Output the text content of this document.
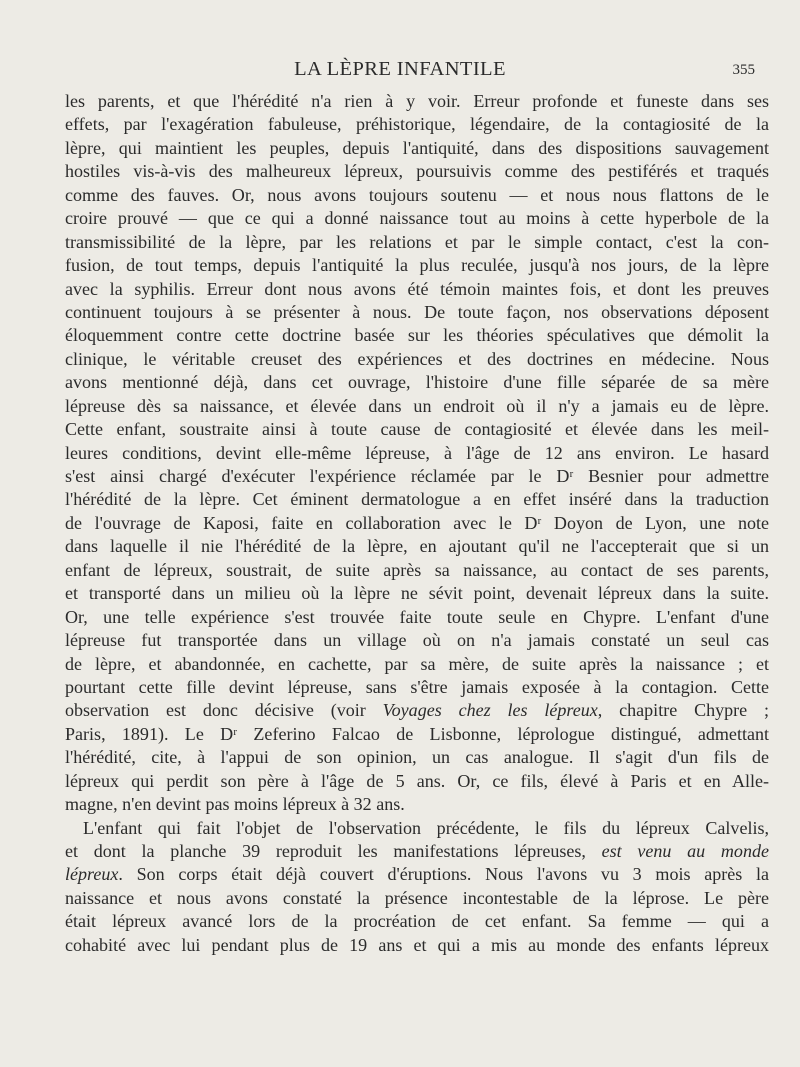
LA LÈPRE INFANTILE	355
les parents, et que l'hérédité n'a rien à y voir. Erreur profonde et funeste dans ses
effets, par l'exagération fabuleuse, préhistorique, légendaire, de la contagiosité de la
lèpre, qui maintient les peuples, depuis l'antiquité, dans des dispositions sauvagement
hostiles vis-à-vis des malheureux lépreux, poursuivis comme des pestiférés et traqués
comme des fauves. Or, nous avons toujours soutenu — et nous nous flattons de le
croire prouvé — que ce qui a donné naissance tout au moins à cette hyperbole de la
transmissibilité de la lèpre, par les relations et par le simple contact, c'est la con-
fusion, de tout temps, depuis l'antiquité la plus reculée, jusqu'à nos jours, de la lèpre
avec la syphilis. Erreur dont nous avons été témoin maintes fois, et dont les preuves
continuent toujours à se présenter à nous. De toute façon, nos observations déposent
éloquemment contre cette doctrine basée sur les théories spéculatives que démolit la
clinique, le véritable creuset des expériences et des doctrines en médecine. Nous
avons mentionné déjà, dans cet ouvrage, l'histoire d'une fille séparée de sa mère
lépreuse dès sa naissance, et élevée dans un endroit où il n'y a jamais eu de lèpre.
Cette enfant, soustraite ainsi à toute cause de contagiosité et élevée dans les meil-
leures conditions, devint elle-même lépreuse, à l'âge de 12 ans environ. Le hasard
s'est ainsi chargé d'exécuter l'expérience réclamée par le Dʳ Besnier pour admettre
l'hérédité de la lèpre. Cet éminent dermatologue a en effet inséré dans la traduction
de l'ouvrage de Kaposi, faite en collaboration avec le Dʳ Doyon de Lyon, une note
dans laquelle il nie l'hérédité de la lèpre, en ajoutant qu'il ne l'accepterait que si un
enfant de lépreux, soustrait, de suite après sa naissance, au contact de ses parents,
et transporté dans un milieu où la lèpre ne sévit point, devenait lépreux dans la suite.
Or, une telle expérience s'est trouvée faite toute seule en Chypre. L'enfant d'une
lépreuse fut transportée dans un village où on n'a jamais constaté un seul cas
de lèpre, et abandonnée, en cachette, par sa mère, de suite après la naissance ; et
pourtant cette fille devint lépreuse, sans s'être jamais exposée à la contagion. Cette
observation est donc décisive (voir Voyages chez les lépreux, chapitre Chypre ;
Paris, 1891). Le Dʳ Zeferino Falcao de Lisbonne, léprologue distingué, admettant
l'hérédité, cite, à l'appui de son opinion, un cas analogue. Il s'agit d'un fils de
lépreux qui perdit son père à l'âge de 5 ans. Or, ce fils, élevé à Paris et en Alle-
magne, n'en devint pas moins lépreux à 32 ans.
L'enfant qui fait l'objet de l'observation précédente, le fils du lépreux Calvelis,
et dont la planche 39 reproduit les manifestations lépreuses, est venu au monde
lépreux. Son corps était déjà couvert d'éruptions. Nous l'avons vu 3 mois après la
naissance et nous avons constaté la présence incontestable de la léprose. Le père
était lépreux avancé lors de la procréation de cet enfant. Sa femme — qui a
cohabité avec lui pendant plus de 19 ans et qui a mis au monde des enfants lépreux
